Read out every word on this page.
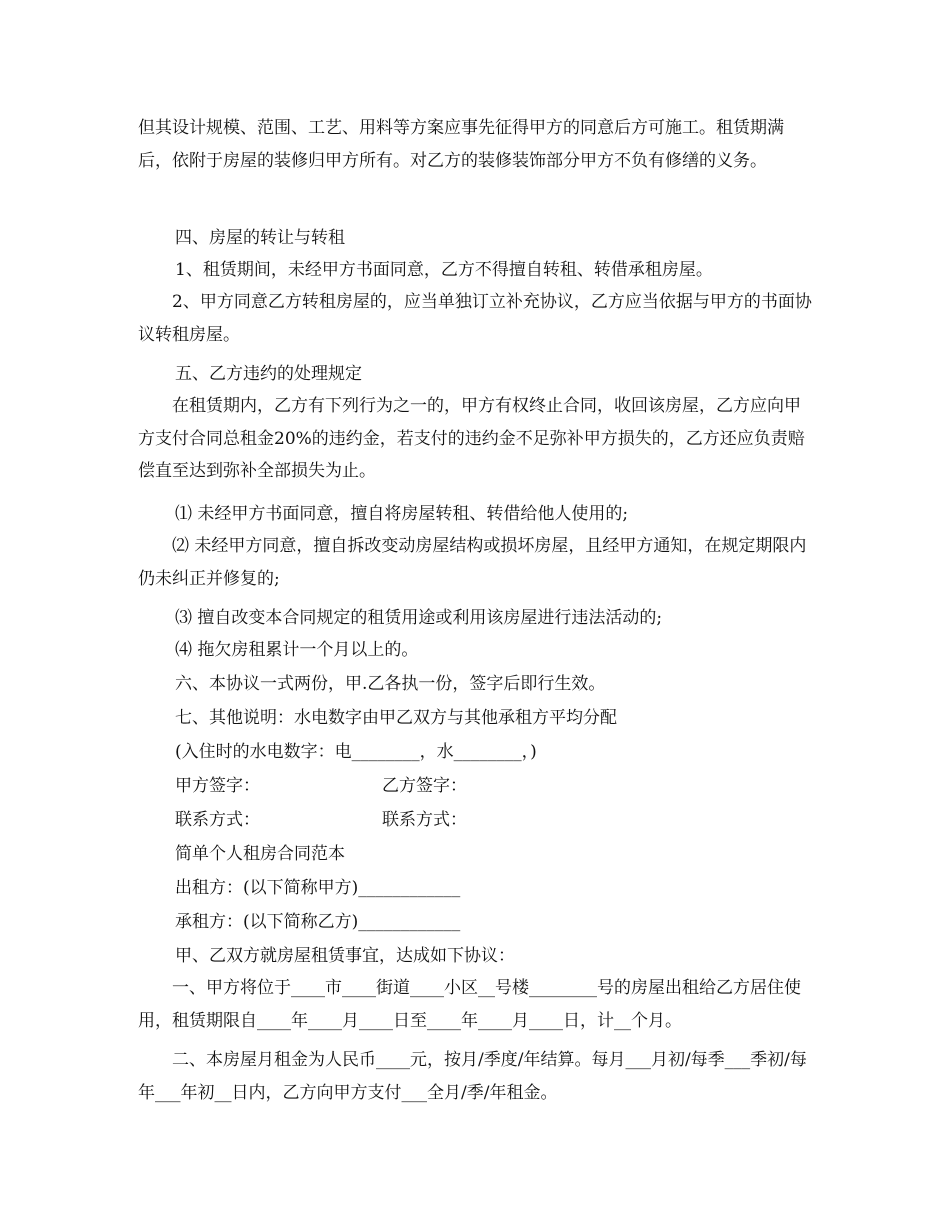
但其设计规模、范围、工艺、用料等方案应事先征得甲方的同意后方可施工。租赁期满后，依附于房屋的装修归甲方所有。对乙方的装修装饰部分甲方不负有修缮的义务。

四、房屋的转让与转租

1、租赁期间，未经甲方书面同意，乙方不得擅自转租、转借承租房屋。

2、甲方同意乙方转租房屋的，应当单独订立补充协议，乙方应当依据与甲方的书面协议转租房屋。

五、乙方违约的处理规定

在租赁期内，乙方有下列行为之一的，甲方有权终止合同，收回该房屋，乙方应向甲方支付合同总租金20%的违约金，若支付的违约金不足弥补甲方损失的，乙方还应负责赔偿直至达到弥补全部损失为止。

⑴ 未经甲方书面同意，擅自将房屋转租、转借给他人使用的;

⑵ 未经甲方同意，擅自拆改变动房屋结构或损坏房屋，且经甲方通知，在规定期限内仍未纠正并修复的;

⑶ 擅自改变本合同规定的租赁用途或利用该房屋进行违法活动的;

⑷ 拖欠房租累计一个月以上的。

六、本协议一式两份，甲.乙各执一份，签字后即行生效。

七、其他说明：水电数字由甲乙双方与其他承租方平均分配

(入住时的水电数字：电________，水________，)

甲方签字：	乙方签字：
联系方式：	联系方式：

简单个人租房合同范本

出租方：(以下简称甲方)____________

承租方：(以下简称乙方)____________

甲、乙双方就房屋租赁事宜，达成如下协议：

一、甲方将位于____市____街道____小区__号楼________号的房屋出租给乙方居住使用，租赁期限自____年____月____日至____年____月____日，计__个月。

二、本房屋月租金为人民币____元，按月/季度/年结算。每月___月初/每季___季初/每年___年初__日内，乙方向甲方支付___全月/季/年租金。
